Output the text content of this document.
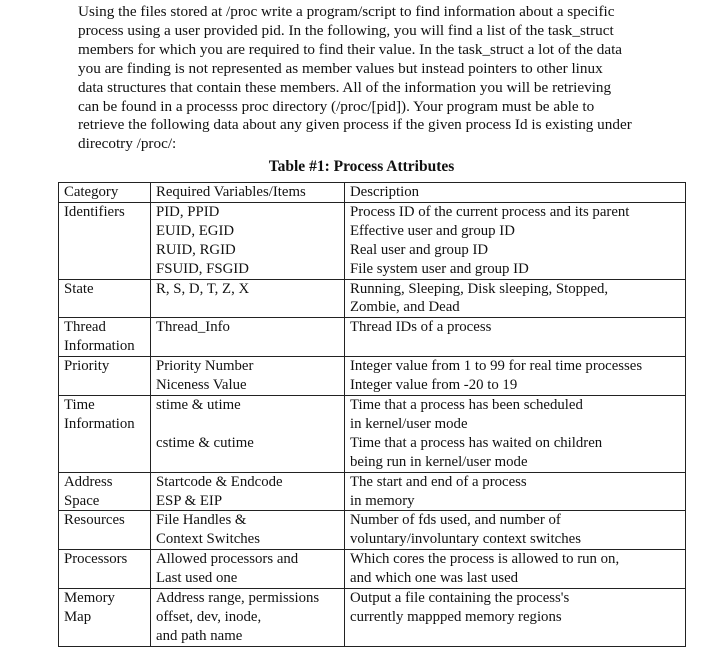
Using the files stored at /proc write a program/script to find information about a specific
process using a user provided pid. In the following, you will find a list of the task_struct
members for which you are required to find their value. In the task_struct a lot of the data
you are finding is not represented as member values but instead pointers to other linux
data structures that contain these members. All of the information you will be retrieving
can be found in a processs proc directory (/proc/[pid]). Your program must be able to
retrieve the following data about any given process if the given process Id is existing under
direcotry /proc/:
Table #1: Process Attributes
Category	Required Variables/Items	Description
Identifiers	PID, PPID	Process ID of the current process and its parent
	EUID, EGID	Effective user and group ID
	RUID, RGID	Real user and group ID
	FSUID, FSGID	File system user and group ID
State	R, S, D, T, Z, X	Running, Sleeping, Disk sleeping, Stopped,
		Zombie, and Dead
Thread	Thread_Info	Thread IDs of a process
Information		
Priority	Priority Number	Integer value from 1 to 99 for real time processes
	Niceness Value	Integer value from -20 to 19
Time	stime & utime	Time that a process has been scheduled
Information		in kernel/user mode
	cstime & cutime	Time that a process has waited on children
		being run in kernel/user mode
Address	Startcode & Endcode	The start and end of a process
Space	ESP & EIP	in memory
Resources	File Handles &	Number of fds used, and number of
	Context Switches	voluntary/involuntary context switches
Processors	Allowed processors and	Which cores the process is allowed to run on,
	Last used one	and which one was last used
Memory	Address range, permissions	Output a file containing the process's
Map	offset, dev, inode,	currently mappped memory regions
	and path name	
